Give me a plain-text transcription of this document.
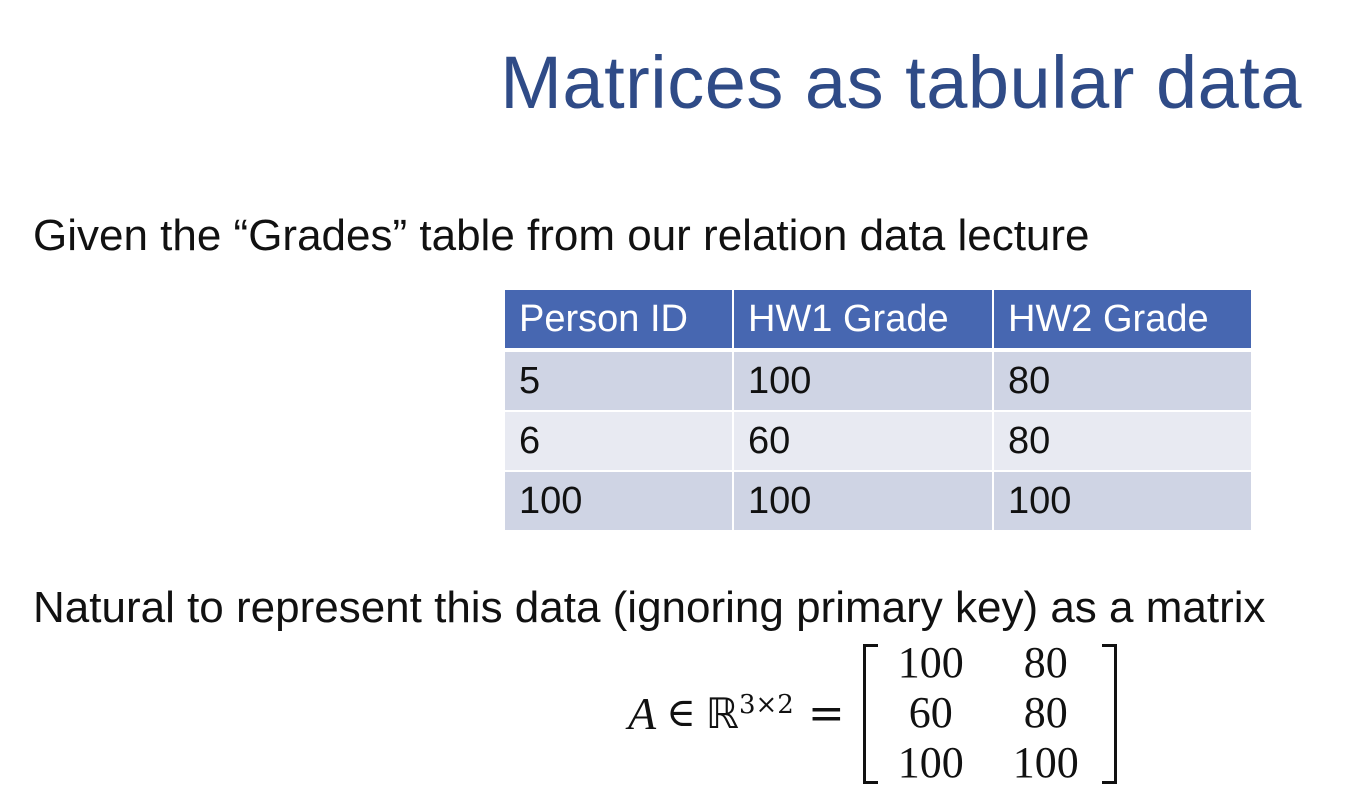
Matrices as tabular data
Given the “Grades” table from our relation data lecture
Person ID	HW1 Grade	HW2 Grade
5	100	80
6	60	80
100	100	100
Natural to represent this data (ignoring primary key) as a matrix
A ∈ ℝ$^{3\times 2}$ =
100	80
60	80
100	100
